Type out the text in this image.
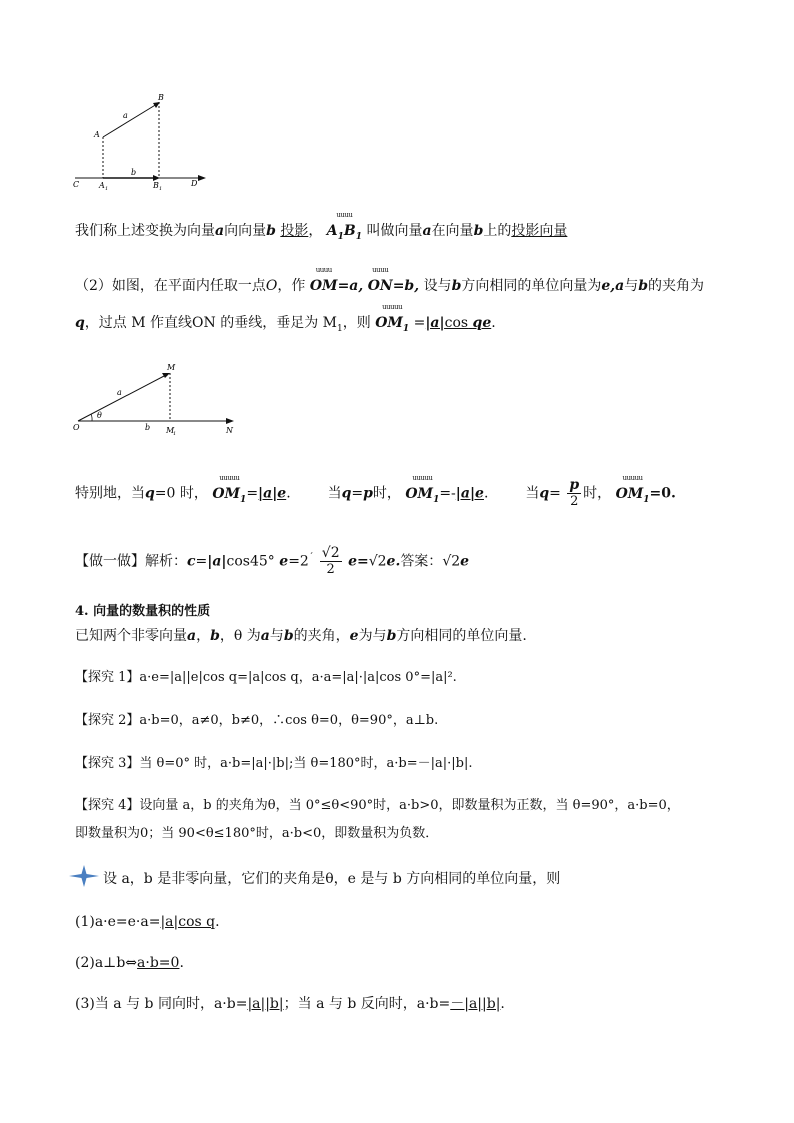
A
B
a
b
C	D
A 1	B 1
我们称上述变换为向量a向向量b 投影，
uuuu
$A_1B_1$ 叫做向量a在向量b上的投影向量
（2）如图，在平面内任取一点O，作
uuuu
OM=a,
uuuu
ON=b, 设与b方向相同的单位向量为e,a与b的夹角为
q，过点 M 作直线ON 的垂线，垂足为 $M_1$，则
uuuuu
$OM_1 =|a|\cos$ qe.
M
a
θ
O	b M
1	N
特别地，当q=0 时，
uuuuu
$OM_1=|a|e$.	当q=p时，
uuuuu
$OM_1=-|a|e$.	当$q= \frac{p}{2}$ 时，
uuuuu
$OM_1=0$.
【做一做】解析：c=|a|cos45° $e=2^´ \frac{√2}{2} e=√2e$.答案：√2e
4. 向量的数量积的性质
已知两个非零向量a，b，θ 为a与b的夹角，e为与b方向相同的单位向量.
【探究 1】a·e=|a||e|cos q=|a|cos q，a·a=|a|·|a|cos 0°=|a|².
【探究 2】a·b=0，a≠0，b≠0，∴cos θ=0，θ=90°，a⊥b.
【探究 3】当 θ=0° 时，a·b=|a|·|b|;当 θ=180°时，a·b=－|a|·|b|.
【探究 4】设向量 a，b 的夹角为θ，当 0°≤θ<90°时，a·b>0，即数量积为正数，当 θ=90°，a·b=0，
即数量积为0；当 90<θ≤180°时，a·b<0，即数量积为负数．
设 a，b 是非零向量，它们的夹角是θ，e 是与 b 方向相同的单位向量，则
(1)a·e=e·a=|a|cos q.
(2)a⊥b⇔a·b=0.
(3)当 a 与 b 同向时，a·b=|a||b|；当 a 与 b 反向时，a·b=－|a||b|.
